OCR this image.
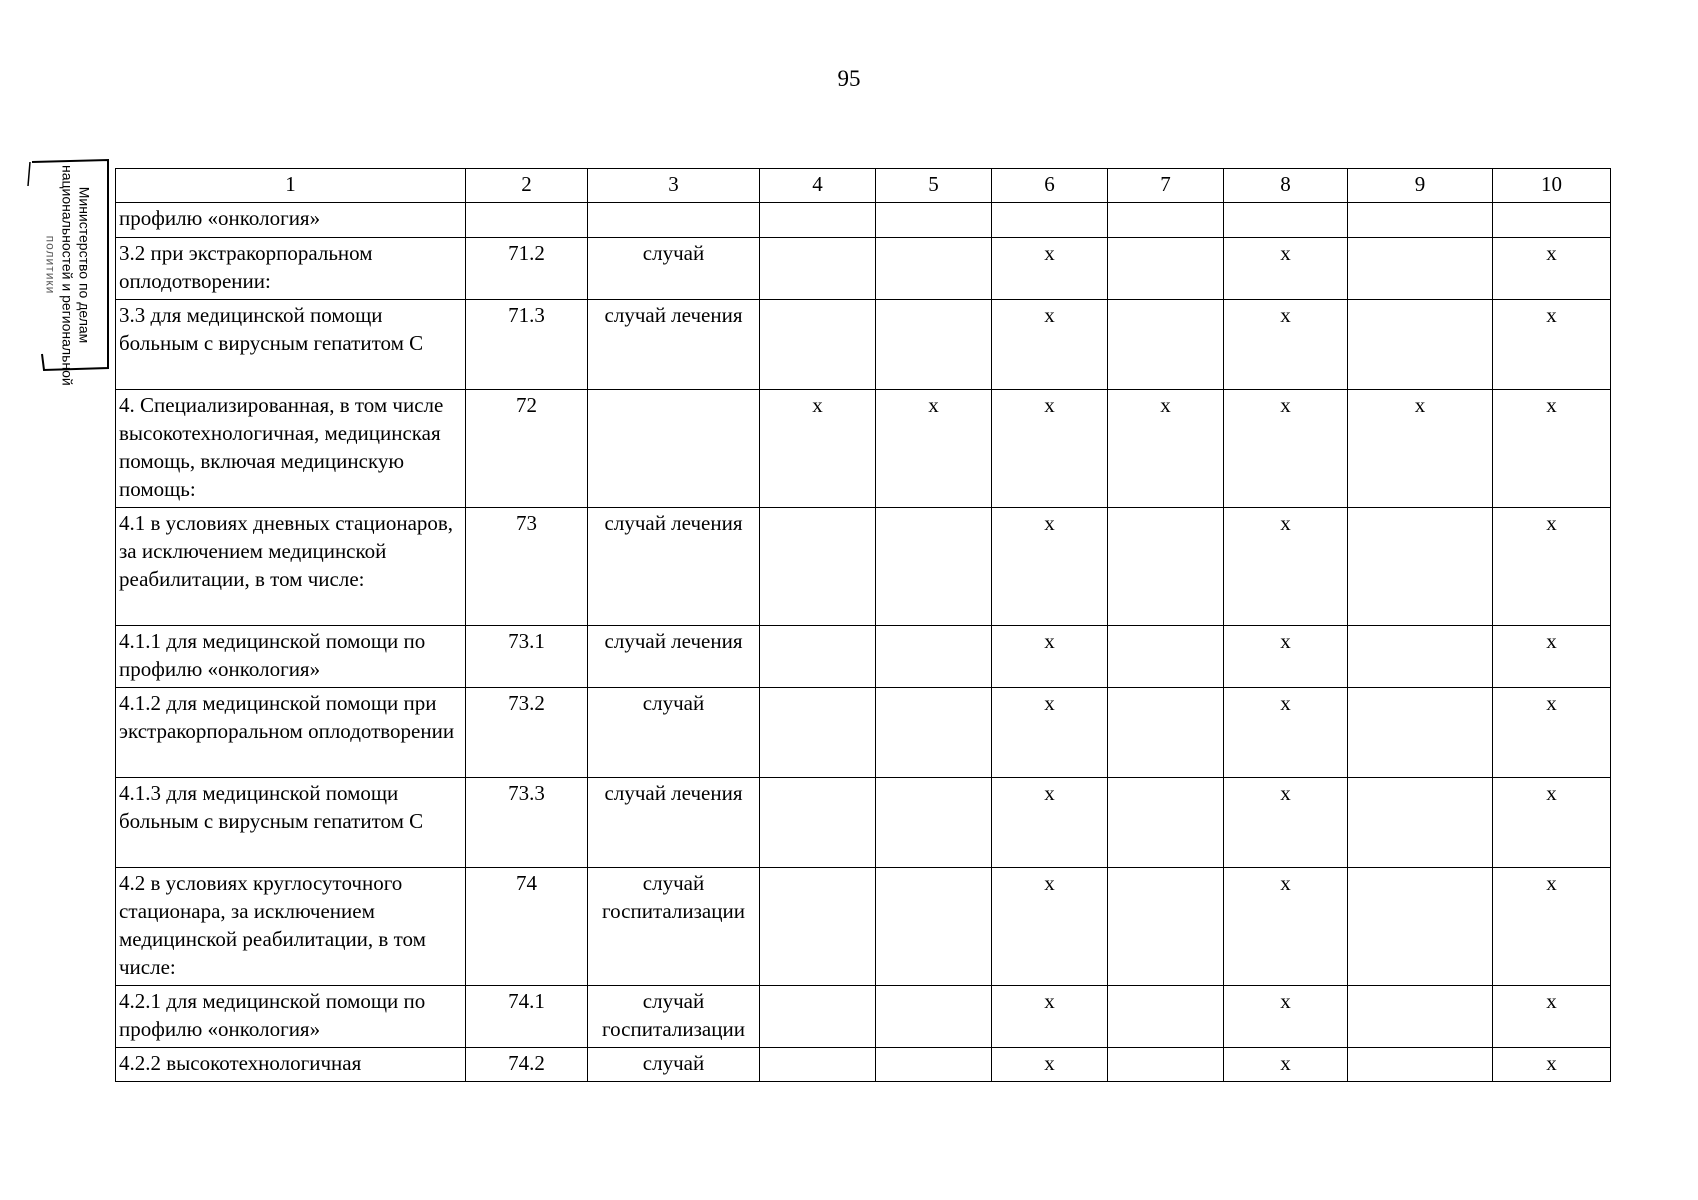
95
Министерство по делам
национальностей и региональной
политики
1	2	3	4	5	6	7	8	9	10
профилю «онкология»									
3.2 при экстракорпоральном оплодотворении:	71.2	случай			х		х		х
3.3 для медицинской помощи больным с вирусным гепатитом С	71.3	случай лечения			х		х		х
4. Специализированная, в том числе высокотехнологичная, медицинская помощь, включая медицинскую помощь:	72		х	х	х	х	х	х	х
4.1 в условиях дневных стационаров, за исключением медицинской реабилитации, в том числе:	73	случай лечения			х		х		х
4.1.1 для медицинской помощи по профилю «онкология»	73.1	случай лечения			х		х		х
4.1.2 для медицинской помощи при экстракорпоральном оплодотворении	73.2	случай			х		х		х
4.1.3 для медицинской помощи больным с вирусным гепатитом С	73.3	случай лечения			х		х		х
4.2 в условиях круглосуточного стационара, за исключением медицинской реабилитации, в том числе:	74	случай госпитализации			х		х		х
4.2.1 для медицинской помощи по профилю «онкология»	74.1	случай госпитализации			х		х		х
4.2.2 высокотехнологичная	74.2	случай			х		х		х
